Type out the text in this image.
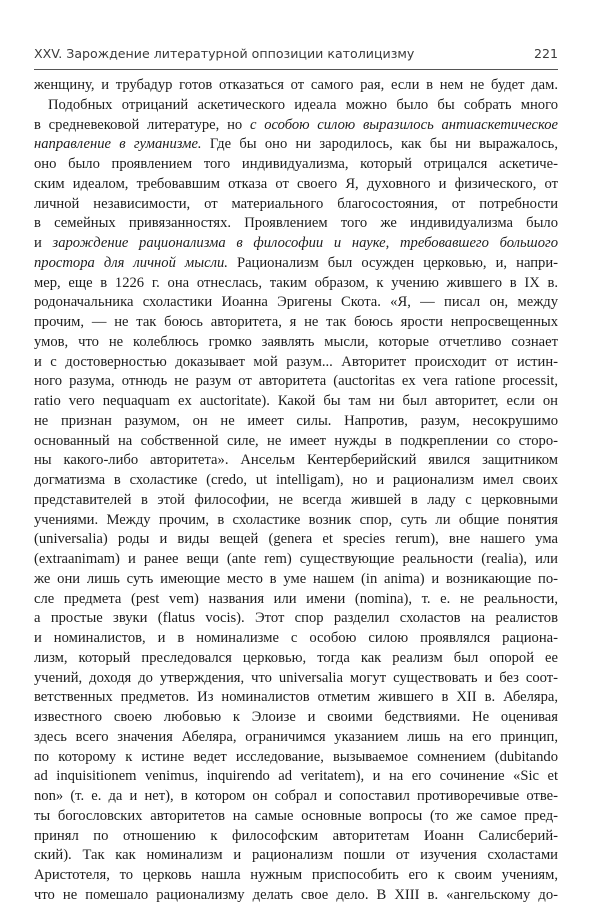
XXV. Зарождение литературной оппозиции католицизму	221
женщину, и трубадур готов отказаться от самого рая, если в нем не будет дам.
Подобных отрицаний аскетического идеала можно было бы собрать много
в средневековой литературе, но с особою силою выразилось антиаскетическое
направление в гуманизме. Где бы оно ни зародилось, как бы ни выражалось,
оно было проявлением того индивидуализма, который отрицался аскетиче-
ским идеалом, требовавшим отказа от своего Я, духовного и физического, от
личной независимости, от материального благосостояния, от потребности
в семейных привязанностях. Проявлением того же индивидуализма было
и зарождение рационализма в философии и науке, требовавшего большого
простора для личной мысли. Рационализм был осужден церковью, и, напри-
мер, еще в 1226 г. она отнеслась, таким образом, к учению жившего в IX в.
родоначальника схоластики Иоанна Эригены Скота. «Я, — писал он, между
прочим, — не так боюсь авторитета, я не так боюсь ярости непросвещенных
умов, что не колеблюсь громко заявлять мысли, которые отчетливо сознает
и с достоверностью доказывает мой разум... Авторитет происходит от истин-
ного разума, отнюдь не разум от авторитета (auctoritas ex vera ratione processit,
ratio vero nequaquam ex auctoritate). Какой бы там ни был авторитет, если он
не признан разумом, он не имеет силы. Напротив, разум, несокрушимо
основанный на собственной силе, не имеет нужды в подкреплении со сторо-
ны какого-либо авторитета». Ансельм Кентерберийский явился защитником
догматизма в схоластике (credo, ut intelligam), но и рационализм имел своих
представителей в этой философии, не всегда жившей в ладу с церковными
учениями. Между прочим, в схоластике возник спор, суть ли общие понятия
(universalia) роды и виды вещей (genera et species rerum), вне нашего ума
(extraanimam) и ранее вещи (ante rem) существующие реальности (realia), или
же они лишь суть имеющие место в уме нашем (in anima) и возникающие по-
сле предмета (pest vem) названия или имени (nomina), т. е. не реальности,
а простые звуки (flatus vocis). Этот спор разделил схоластов на реалистов
и номиналистов, и в номинализме с особою силою проявлялся рациона-
лизм, который преследовался церковью, тогда как реализм был опорой ее
учений, доходя до утверждения, что universalia могут существовать и без соот-
ветственных предметов. Из номиналистов отметим жившего в XII в. Абеляра,
известного своею любовью к Элоизе и своими бедствиями. Не оценивая
здесь всего значения Абеляра, ограничимся указанием лишь на его принцип,
по которому к истине ведет исследование, вызываемое сомнением (dubitando
ad inquisitionem venimus, inquirendo ad veritatem), и на его сочинение «Sic et
non» (т. е. да и нет), в котором он собрал и сопоставил противоречивые отве-
ты богословских авторитетов на самые основные вопросы (то же самое пред-
принял по отношению к философским авторитетам Иоанн Салисберий-
ский). Так как номинализм и рационализм пошли от изучения схоластами
Аристотеля, то церковь нашла нужным приспособить его к своим учениям,
что не помешало рационализму делать свое дело. В XIII в. «ангельскому до-
